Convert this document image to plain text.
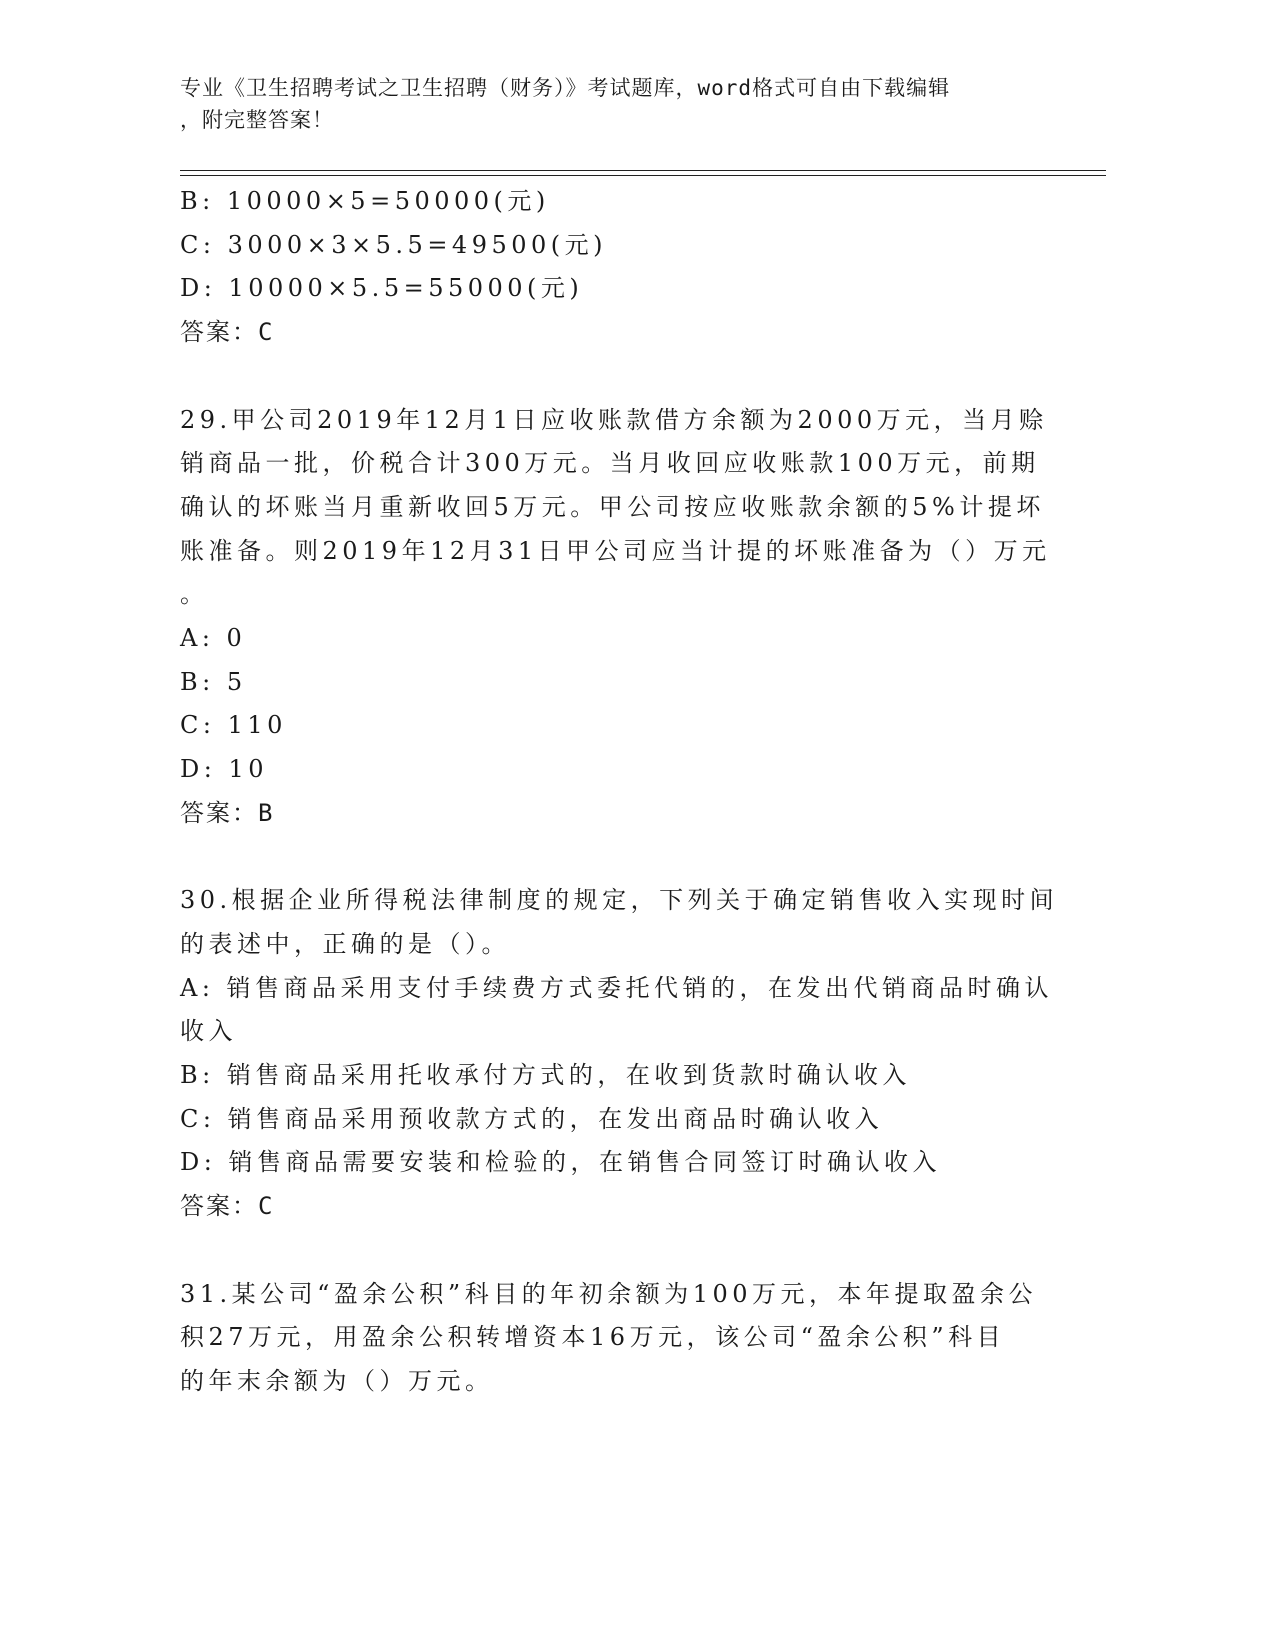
专业《卫生招聘考试之卫生招聘（财务）》考试题库，word格式可自由下载编辑
，附完整答案！
B: 10000×5=50000(元)
C: 3000×3×5.5=49500(元)
D: 10000×5.5=55000(元)
答案：C
29.甲公司2019年12月1日应收账款借方余额为2000万元，当月赊
销商品一批，价税合计300万元。当月收回应收账款100万元，前期
确认的坏账当月重新收回5万元。甲公司按应收账款余额的5%计提坏
账准备。则2019年12月31日甲公司应当计提的坏账准备为（）万元
。
A: 0
B: 5
C: 110
D: 10
答案：B
30.根据企业所得税法律制度的规定，下列关于确定销售收入实现时间
的表述中，正确的是（）。
A: 销售商品采用支付手续费方式委托代销的，在发出代销商品时确认
收入
B: 销售商品采用托收承付方式的，在收到货款时确认收入
C: 销售商品采用预收款方式的，在发出商品时确认收入
D: 销售商品需要安装和检验的，在销售合同签订时确认收入
答案：C
31.某公司“盈余公积”科目的年初余额为100万元，本年提取盈余公
积27万元，用盈余公积转增资本16万元，该公司“盈余公积”科目
的年末余额为（）万元。
